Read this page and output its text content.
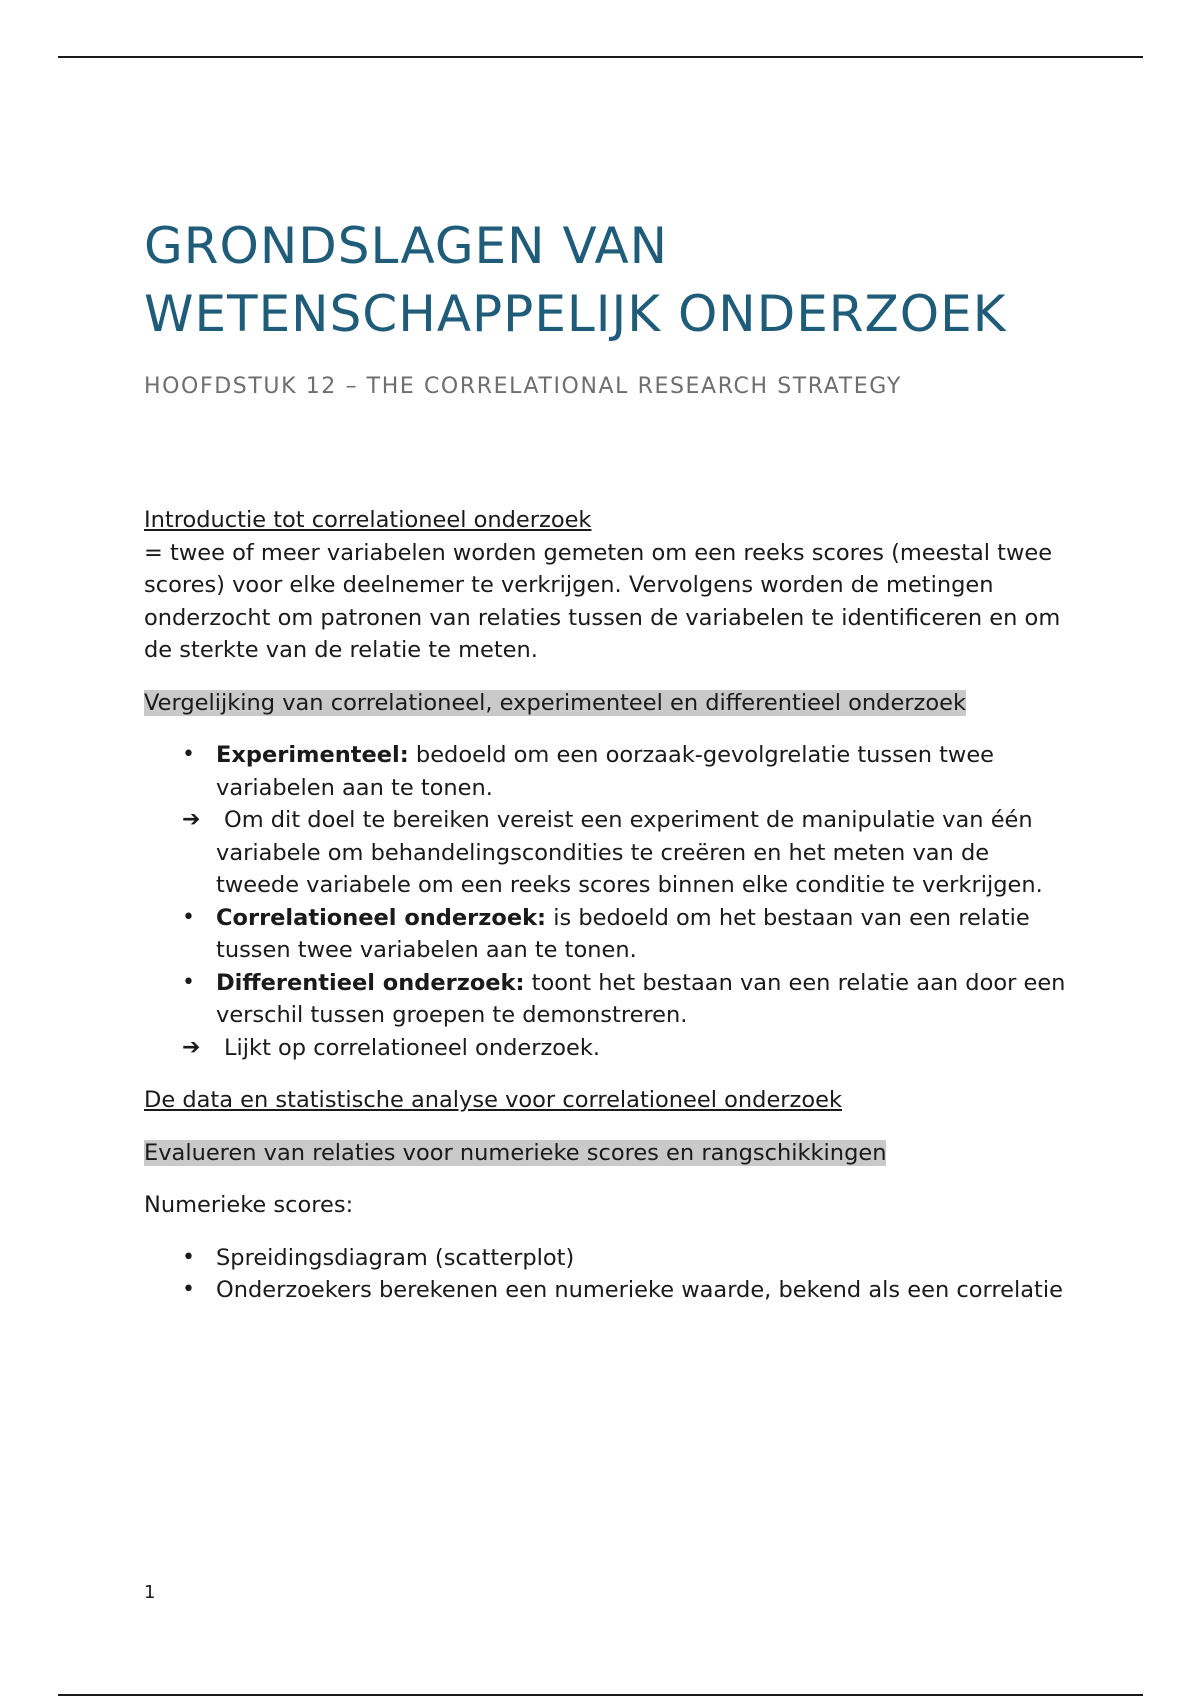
GRONDSLAGEN VAN
WETENSCHAPPELIJK ONDERZOEK

HOOFDSTUK 12 – THE CORRELATIONAL RESEARCH STRATEGY

Introductie tot correlationeel onderzoek

= twee of meer variabelen worden gemeten om een reeks scores (meestal twee scores) voor elke deelnemer te verkrijgen. Vervolgens worden de metingen onderzocht om patronen van relaties tussen de variabelen te identificeren en om de sterkte van de relatie te meten.

Vergelijking van correlationeel, experimenteel en differentieel onderzoek
• Experimenteel: bedoeld om een oorzaak-gevolgrelatie tussen twee variabelen aan te tonen.
➔ Om dit doel te bereiken vereist een experiment de manipulatie van één variabele om behandelingscondities te creëren en het meten van de tweede variabele om een reeks scores binnen elke conditie te verkrijgen.
• Correlationeel onderzoek: is bedoeld om het bestaan van een relatie tussen twee variabelen aan te tonen.
• Differentieel onderzoek: toont het bestaan van een relatie aan door een verschil tussen groepen te demonstreren.
➔ Lijkt op correlationeel onderzoek.
De data en statistische analyse voor correlationeel onderzoek
Evalueren van relaties voor numerieke scores en rangschikkingen

Numerieke scores:

• Spreidingsdiagram (scatterplot)
• Onderzoekers berekenen een numerieke waarde, bekend als een correlatie
1
